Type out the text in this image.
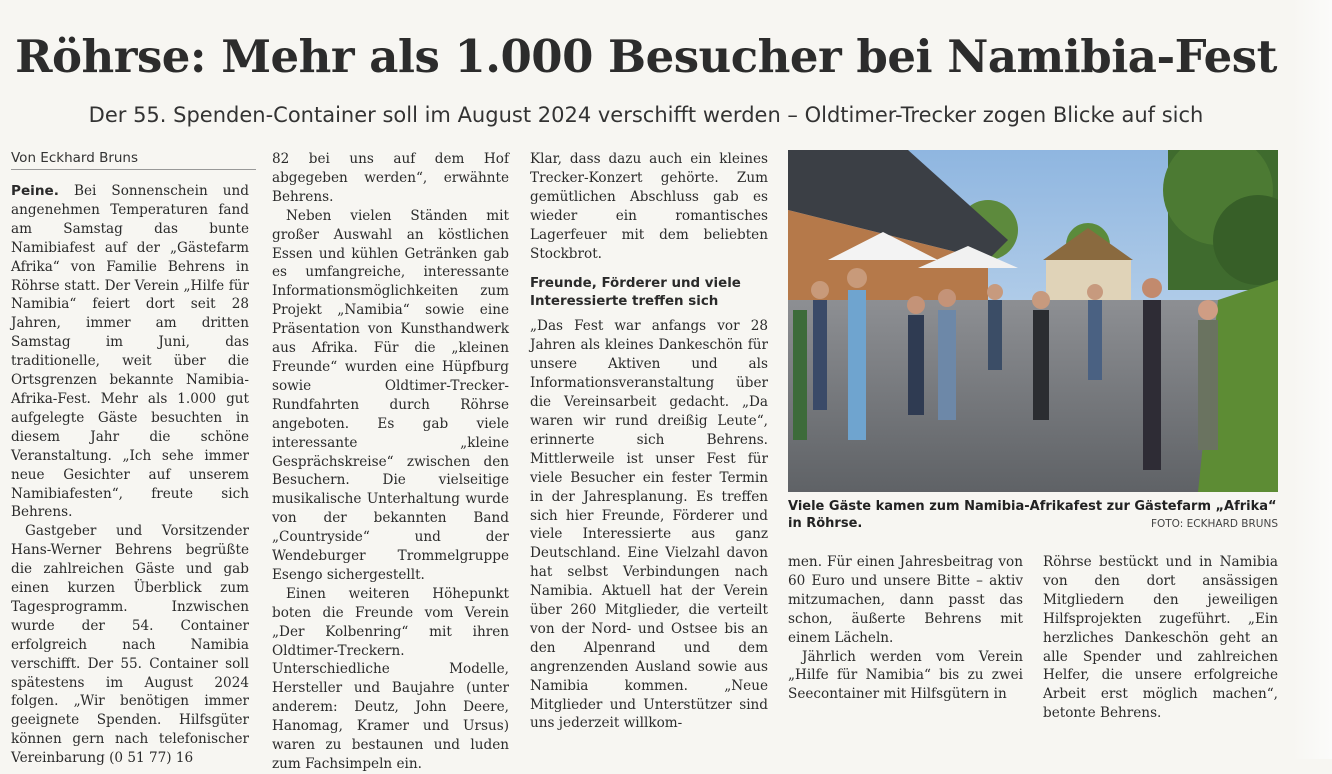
Röhrse: Mehr als 1.000 Besucher bei Namibia-Fest
Der 55. Spenden-Container soll im August 2024 verschifft werden – Oldtimer-Trecker zogen Blicke auf sich
Von Eckhard Bruns

Peine. Bei Sonnenschein und angenehmen Temperaturen fand am Samstag das bunte Namibiafest auf der „Gästefarm Afrika“ von Familie Behrens in Röhrse statt. Der Verein „Hilfe für Namibia“ feiert dort seit 28 Jahren, immer am dritten Samstag im Juni, das traditionelle, weit über die Ortsgrenzen bekannte Namibia-Afrika-Fest. Mehr als 1.000 gut aufgelegte Gäste besuchten in diesem Jahr die schöne Veranstaltung. „Ich sehe immer neue Gesichter auf unserem Namibiafesten“, freute sich Behrens.

Gastgeber und Vorsitzender Hans-Werner Behrens begrüßte die zahlreichen Gäste und gab einen kurzen Überblick zum Tagesprogramm. Inzwischen wurde der 54. Container erfolgreich nach Namibia verschifft. Der 55. Container soll spätestens im August 2024 folgen. „Wir benötigen immer geeignete Spenden. Hilfsgüter können gern nach telefonischer Vereinbarung (0 51 77) 16

82 bei uns auf dem Hof abgegeben werden“, erwähnte Behrens.

Neben vielen Ständen mit großer Auswahl an köstlichen Essen und kühlen Getränken gab es umfangreiche, interessante Informationsmöglichkeiten zum Projekt „Namibia“ sowie eine Präsentation von Kunsthandwerk aus Afrika. Für die „kleinen Freunde“ wurden eine Hüpfburg sowie Oldtimer-Trecker-Rundfahrten durch Röhrse angeboten. Es gab viele interessante „kleine Gesprächskreise“ zwischen den Besuchern. Die vielseitige musikalische Unterhaltung wurde von der bekannten Band „Countryside“ und der Wendeburger Trommelgruppe Esengo sichergestellt.

Einen weiteren Höhepunkt boten die Freunde vom Verein „Der Kolbenring“ mit ihren Oldtimer-Treckern. Unterschiedliche Modelle, Hersteller und Baujahre (unter anderem: Deutz, John Deere, Hanomag, Kramer und Ursus) waren zu bestaunen und luden zum Fachsimpeln ein.

Klar, dass dazu auch ein kleines Trecker-Konzert gehörte. Zum gemütlichen Abschluss gab es wieder ein romantisches Lagerfeuer mit dem beliebten Stockbrot.

Freunde, Förderer und viele Interessierte treffen sich

„Das Fest war anfangs vor 28 Jahren als kleines Dankeschön für unsere Aktiven und als Informationsveranstaltung über die Vereinsarbeit gedacht. „Da waren wir rund dreißig Leute“, erinnerte sich Behrens. Mittlerweile ist unser Fest für viele Besucher ein fester Termin in der Jahresplanung. Es treffen sich hier Freunde, Förderer und viele Interessierte aus ganz Deutschland. Eine Vielzahl davon hat selbst Verbindungen nach Namibia. Aktuell hat der Verein über 260 Mitglieder, die verteilt von der Nord- und Ostsee bis an den Alpenrand und dem angrenzenden Ausland sowie aus Namibia kommen. „Neue Mitglieder und Unterstützer sind uns jederzeit willkom-

Viele Gäste kamen zum Namibia-Afrikafest zur Gästefarm „Afrika“ in Röhrse.	FOTO: ECKHARD BRUNS

men. Für einen Jahresbeitrag von 60 Euro und unsere Bitte – aktiv mitzumachen, dann passt das schon, äußerte Behrens mit einem Lächeln.

Jährlich werden vom Verein „Hilfe für Namibia“ bis zu zwei Seecontainer mit Hilfsgütern in

Röhrse bestückt und in Namibia von den dort ansässigen Mitgliedern den jeweiligen Hilfsprojekten zugeführt. „Ein herzliches Dankeschön geht an alle Spender und zahlreichen Helfer, die unsere erfolgreiche Arbeit erst möglich machen“, betonte Behrens.
